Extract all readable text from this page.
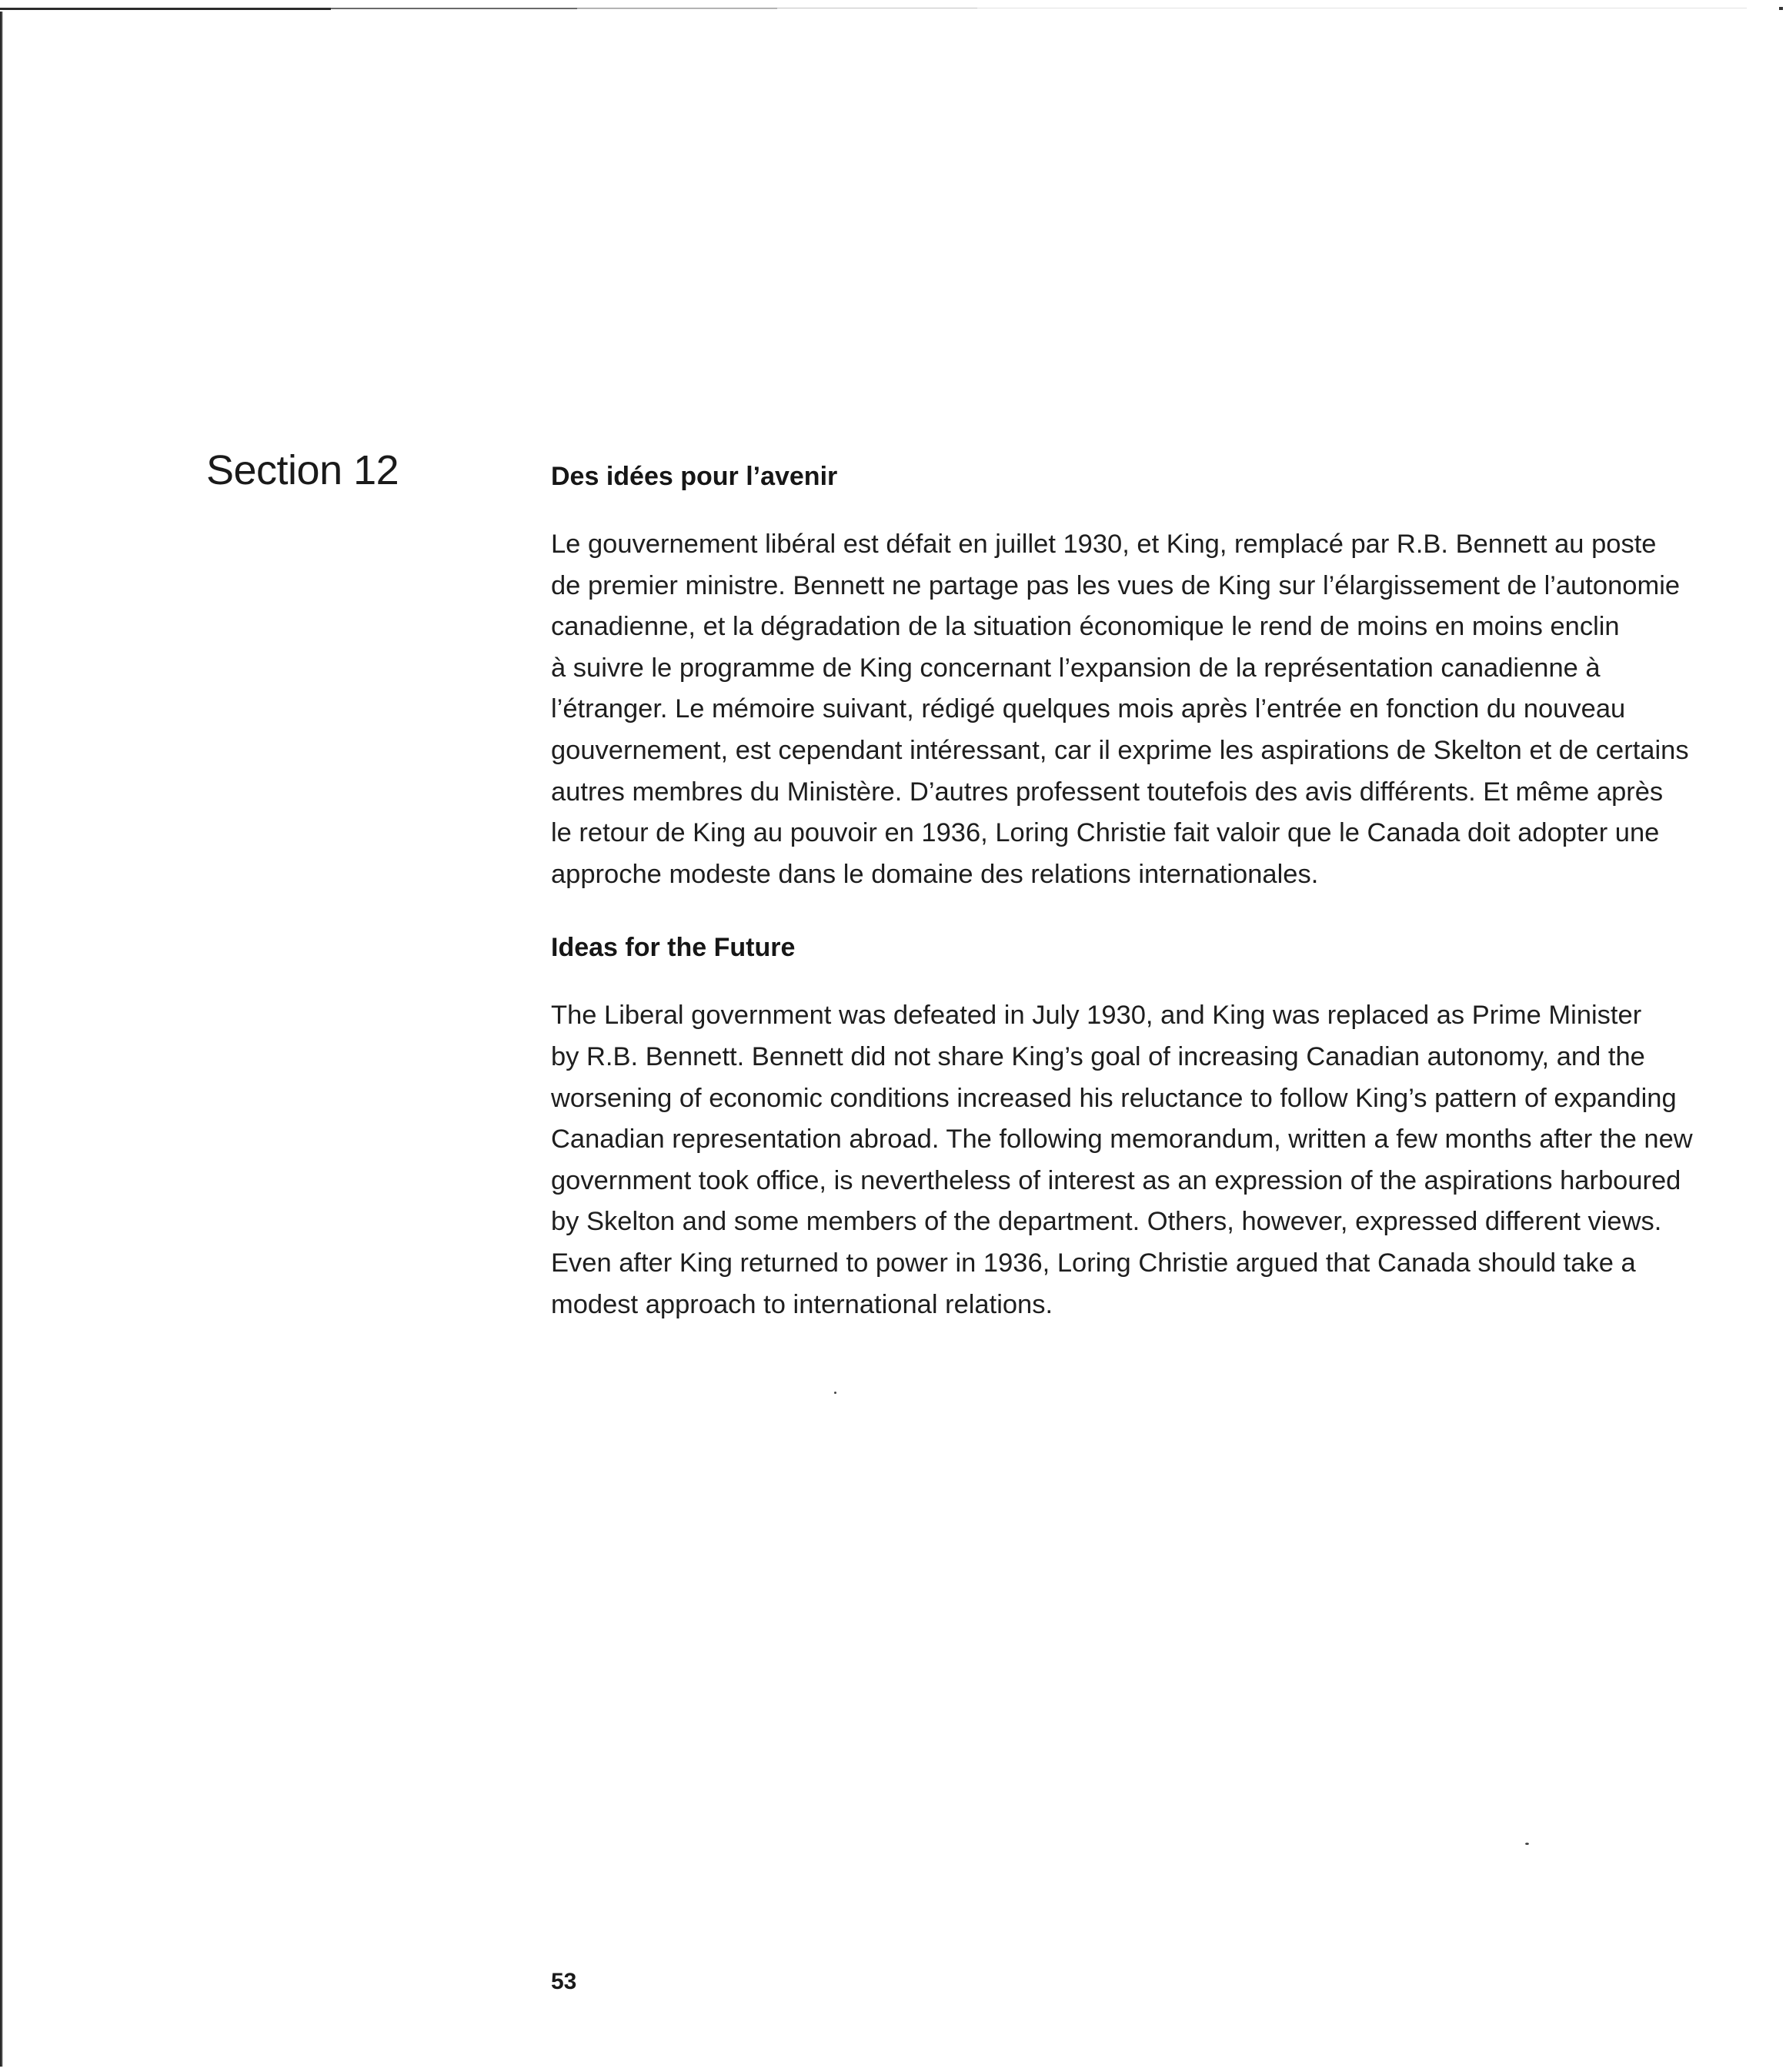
Section 12	Des idées pour l’avenir

Le gouvernement libéral est défait en juillet 1930, et King, remplacé par R.B. Bennett au poste
de premier ministre. Bennett ne partage pas les vues de King sur l’élargissement de l’autonomie
canadienne, et la dégradation de la situation économique le rend de moins en moins enclin
à suivre le programme de King concernant l’expansion de la représentation canadienne à
l’étranger. Le mémoire suivant, rédigé quelques mois après l’entrée en fonction du nouveau
gouvernement, est cependant intéressant, car il exprime les aspirations de Skelton et de certains
autres membres du Ministère. D’autres professent toutefois des avis différents. Et même après
le retour de King au pouvoir en 1936, Loring Christie fait valoir que le Canada doit adopter une
approche modeste dans le domaine des relations internationales.

Ideas for the Future

The Liberal government was defeated in July 1930, and King was replaced as Prime Minister
by R.B. Bennett. Bennett did not share King’s goal of increasing Canadian autonomy, and the
worsening of economic conditions increased his reluctance to follow King’s pattern of expanding
Canadian representation abroad. The following memorandum, written a few months after the new
government took office, is nevertheless of interest as an expression of the aspirations harboured
by Skelton and some members of the department. Others, however, expressed different views.
Even after King returned to power in 1936, Loring Christie argued that Canada should take a
modest approach to international relations.

53
